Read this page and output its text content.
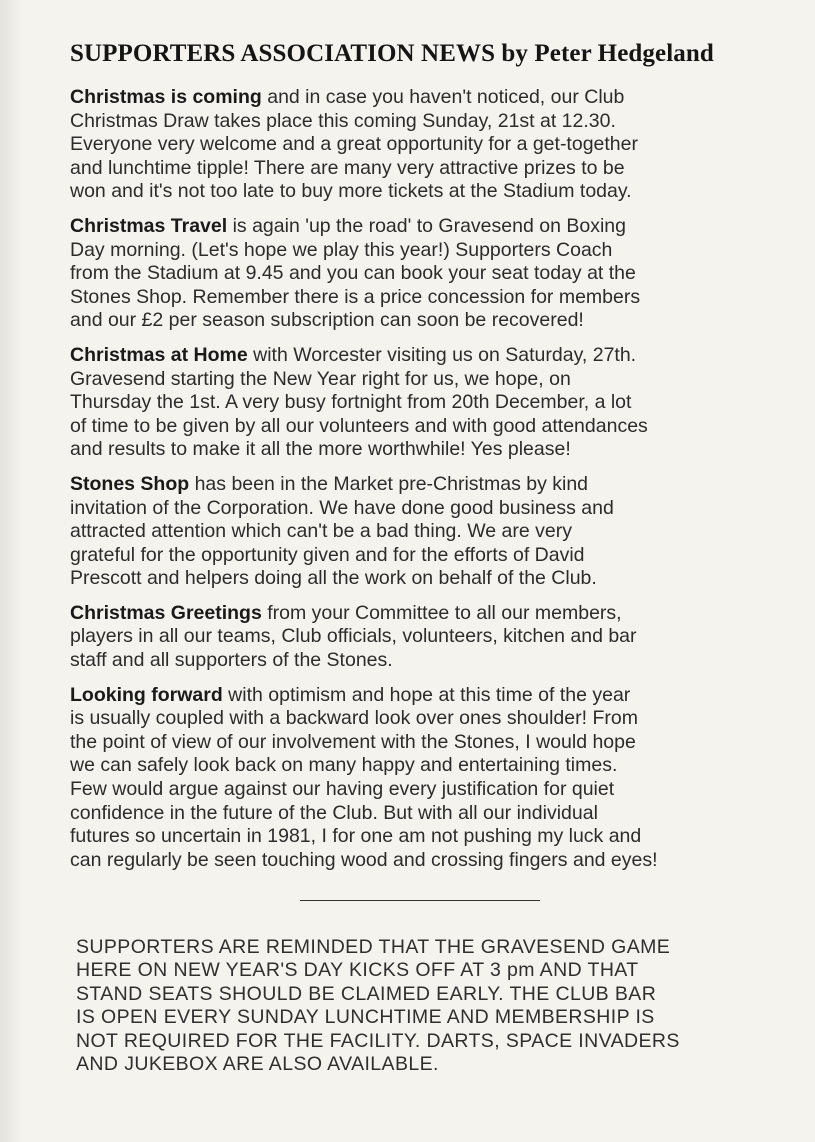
SUPPORTERS ASSOCIATION NEWS by Peter Hedgeland
Christmas is coming and in case you haven't noticed, our Club
Christmas Draw takes place this coming Sunday, 21st at 12.30.
Everyone very welcome and a great opportunity for a get-together
and lunchtime tipple! There are many very attractive prizes to be
won and it's not too late to buy more tickets at the Stadium today.
Christmas Travel is again 'up the road' to Gravesend on Boxing
Day morning. (Let's hope we play this year!) Supporters Coach
from the Stadium at 9.45 and you can book your seat today at the
Stones Shop. Remember there is a price concession for members
and our £2 per season subscription can soon be recovered!
Christmas at Home with Worcester visiting us on Saturday, 27th.
Gravesend starting the New Year right for us, we hope, on
Thursday the 1st. A very busy fortnight from 20th December, a lot
of time to be given by all our volunteers and with good attendances
and results to make it all the more worthwhile! Yes please!
Stones Shop has been in the Market pre-Christmas by kind
invitation of the Corporation. We have done good business and
attracted attention which can't be a bad thing. We are very
grateful for the opportunity given and for the efforts of David
Prescott and helpers doing all the work on behalf of the Club.
Christmas Greetings from your Committee to all our members,
players in all our teams, Club officials, volunteers, kitchen and bar
staff and all supporters of the Stones.
Looking forward with optimism and hope at this time of the year
is usually coupled with a backward look over ones shoulder! From
the point of view of our involvement with the Stones, I would hope
we can safely look back on many happy and entertaining times.
Few would argue against our having every justification for quiet
confidence in the future of the Club. But with all our individual
futures so uncertain in 1981, I for one am not pushing my luck and
can regularly be seen touching wood and crossing fingers and eyes!
SUPPORTERS ARE REMINDED THAT THE GRAVESEND GAME
HERE ON NEW YEAR'S DAY KICKS OFF AT 3 pm AND THAT
STAND SEATS SHOULD BE CLAIMED EARLY. THE CLUB BAR
IS OPEN EVERY SUNDAY LUNCHTIME AND MEMBERSHIP IS
NOT REQUIRED FOR THE FACILITY. DARTS, SPACE INVADERS
AND JUKEBOX ARE ALSO AVAILABLE.
